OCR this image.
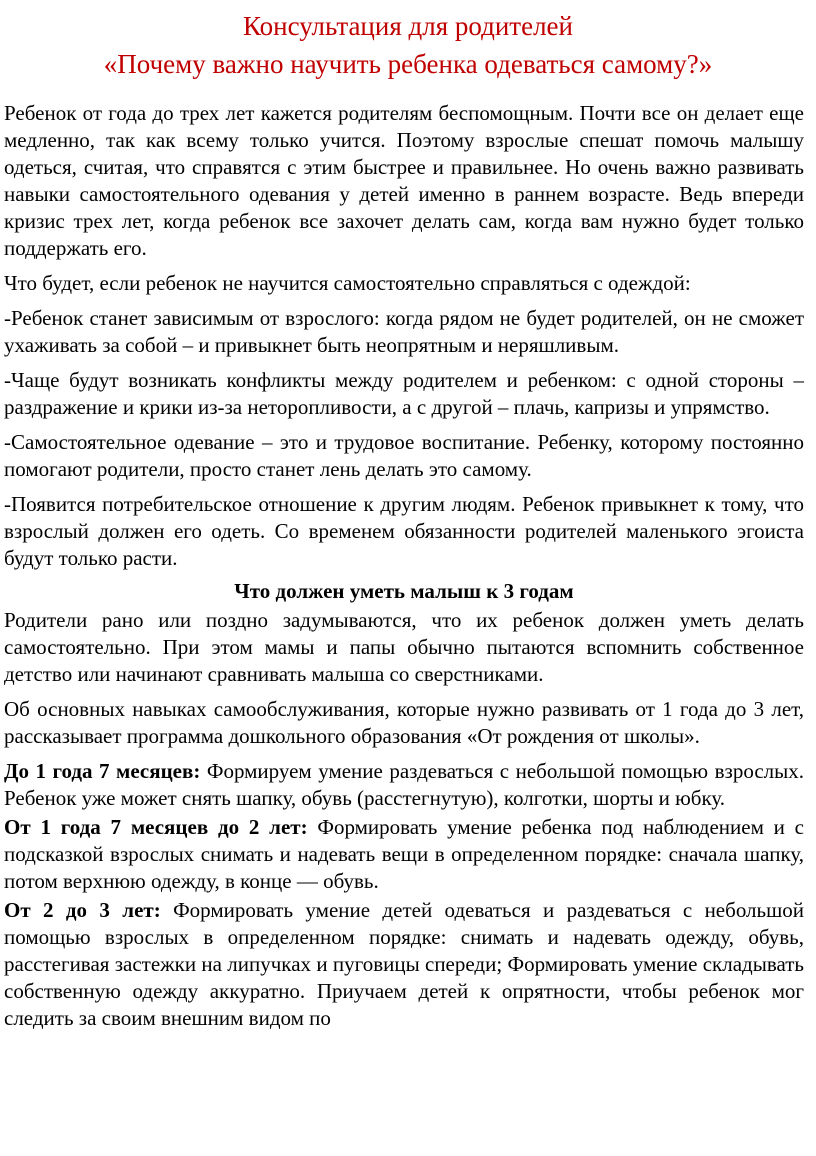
Консультация для родителей
«Почему важно научить ребенка одеваться самому?»

Ребенок от года до трех лет кажется родителям беспомощным. Почти все он делает еще медленно, так как всему только учится. Поэтому взрослые спешат помочь малышу одеться, считая, что справятся с этим быстрее и правильнее. Но очень важно развивать навыки самостоятельного одевания у детей именно в раннем возрасте. Ведь впереди кризис трех лет, когда ребенок все захочет делать сам, когда вам нужно будет только поддержать его.

Что будет, если ребенок не научится самостоятельно справляться с одеждой:

-Ребенок станет зависимым от взрослого: когда рядом не будет родителей, он не сможет ухаживать за собой – и привыкнет быть неопрятным и неряшливым.

-Чаще будут возникать конфликты между родителем и ребенком: с одной стороны – раздражение и крики из-за неторопливости, а с другой – плачь, капризы и упрямство.

-Самостоятельное одевание – это и трудовое воспитание. Ребенку, которому постоянно помогают родители, просто станет лень делать это самому.

-Появится потребительское отношение к другим людям. Ребенок привыкнет к тому, что взрослый должен его одеть. Со временем обязанности родителей маленького эгоиста будут только расти.

Что должен уметь малыш к 3 годам

Родители рано или поздно задумываются, что их ребенок должен уметь делать самостоятельно. При этом мамы и папы обычно пытаются вспомнить собственное детство или начинают сравнивать малыша со сверстниками.

Об основных навыках самообслуживания, которые нужно развивать от 1 года до 3 лет, рассказывает программа дошкольного образования «От рождения от школы».

До 1 года 7 месяцев: Формируем умение раздеваться с небольшой помощью взрослых. Ребенок уже может снять шапку, обувь (расстегнутую), колготки, шорты и юбку.

От 1 года 7 месяцев до 2 лет: Формировать умение ребенка под наблюдением и с подсказкой взрослых снимать и надевать вещи в определенном порядке: сначала шапку, потом верхнюю одежду, в конце — обувь.

От 2 до 3 лет: Формировать умение детей одеваться и раздеваться с небольшой помощью взрослых в определенном порядке: снимать и надевать одежду, обувь, расстегивая застежки на липучках и пуговицы спереди; Формировать умение складывать собственную одежду аккуратно. Приучаем детей к опрятности, чтобы ребенок мог следить за своим внешним видом по
